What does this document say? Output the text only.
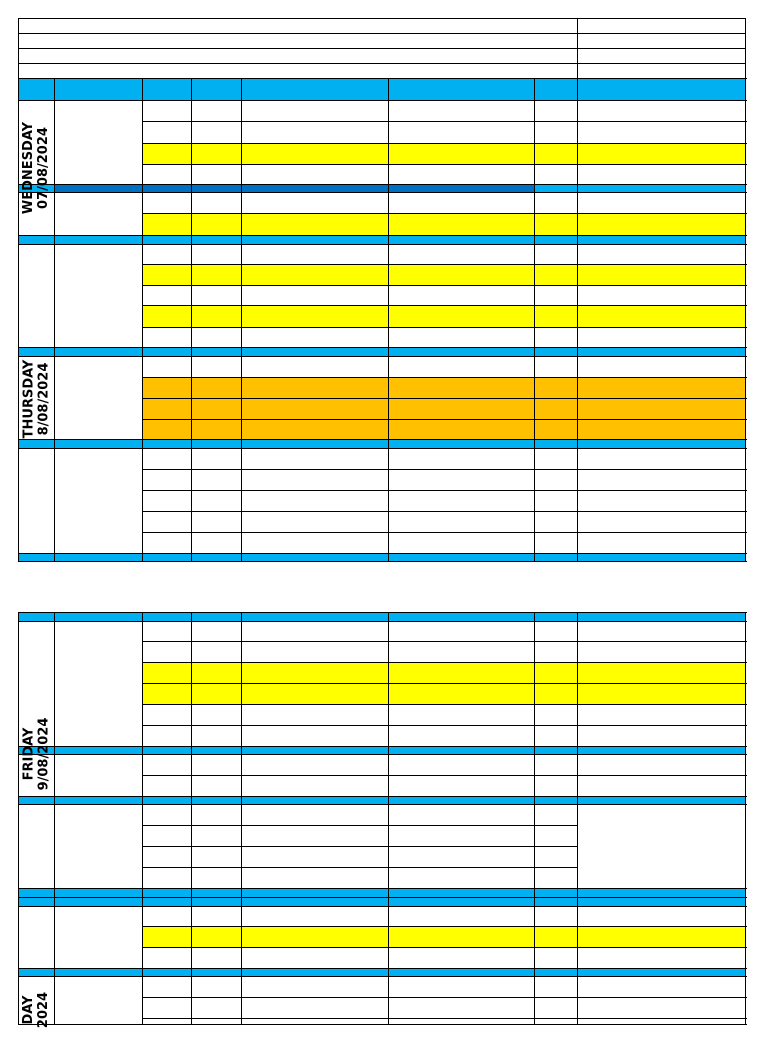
WEDNESDAY 07/08/2024
THURSDAY 8/08/2024
FRIDAY 9/08/2024
DAY 2024
